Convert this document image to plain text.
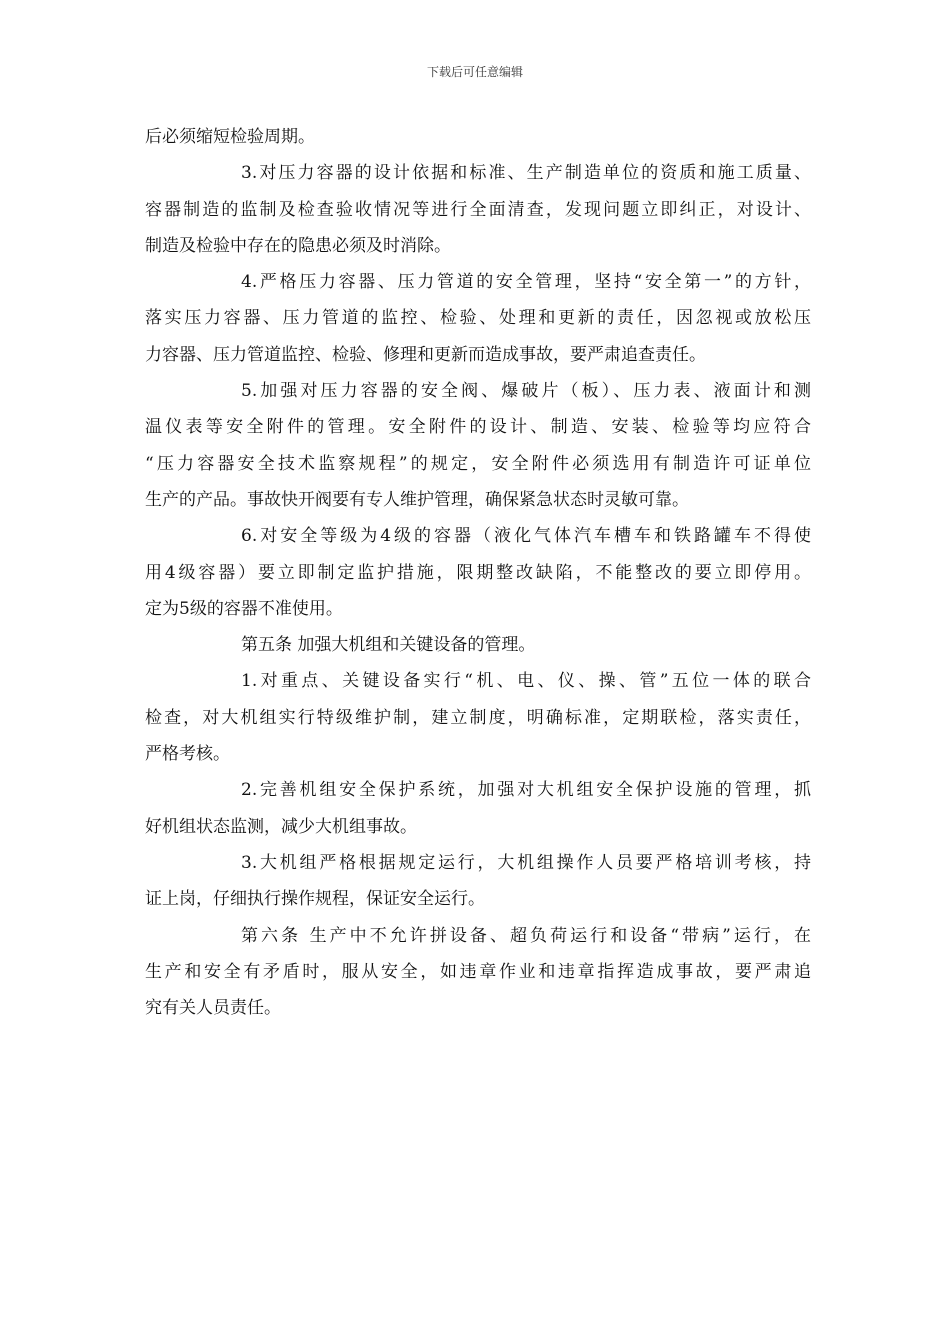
下载后可任意编辑
后必须缩短检验周期。
3.对压力容器的设计依据和标准、生产制造单位的资质和施工质量、
容器制造的监制及检查验收情况等进行全面清查，发现问题立即纠正，对设计、
制造及检验中存在的隐患必须及时消除。
4.严格压力容器、压力管道的安全管理，坚持“安全第一”的方针，
落实压力容器、压力管道的监控、检验、处理和更新的责任，因忽视或放松压
力容器、压力管道监控、检验、修理和更新而造成事故，要严肃追查责任。
5.加强对压力容器的安全阀、爆破片（板）、压力表、液面计和测
温仪表等安全附件的管理。安全附件的设计、制造、安装、检验等均应符合
“压力容器安全技术监察规程”的规定，安全附件必须选用有制造许可证单位
生产的产品。事故快开阀要有专人维护管理，确保紧急状态时灵敏可靠。
6.对安全等级为4级的容器（液化气体汽车槽车和铁路罐车不得使
用4级容器）要立即制定监护措施，限期整改缺陷，不能整改的要立即停用。
定为5级的容器不准使用。
第五条 加强大机组和关键设备的管理。
1.对重点、关键设备实行“机、电、仪、操、管”五位一体的联合
检查，对大机组实行特级维护制，建立制度，明确标准，定期联检，落实责任，
严格考核。
2.完善机组安全保护系统，加强对大机组安全保护设施的管理，抓
好机组状态监测，减少大机组事故。
3.大机组严格根据规定运行，大机组操作人员要严格培训考核，持
证上岗，仔细执行操作规程，保证安全运行。
第六条 生产中不允许拼设备、超负荷运行和设备“带病”运行，在
生产和安全有矛盾时，服从安全，如违章作业和违章指挥造成事故，要严肃追
究有关人员责任。
